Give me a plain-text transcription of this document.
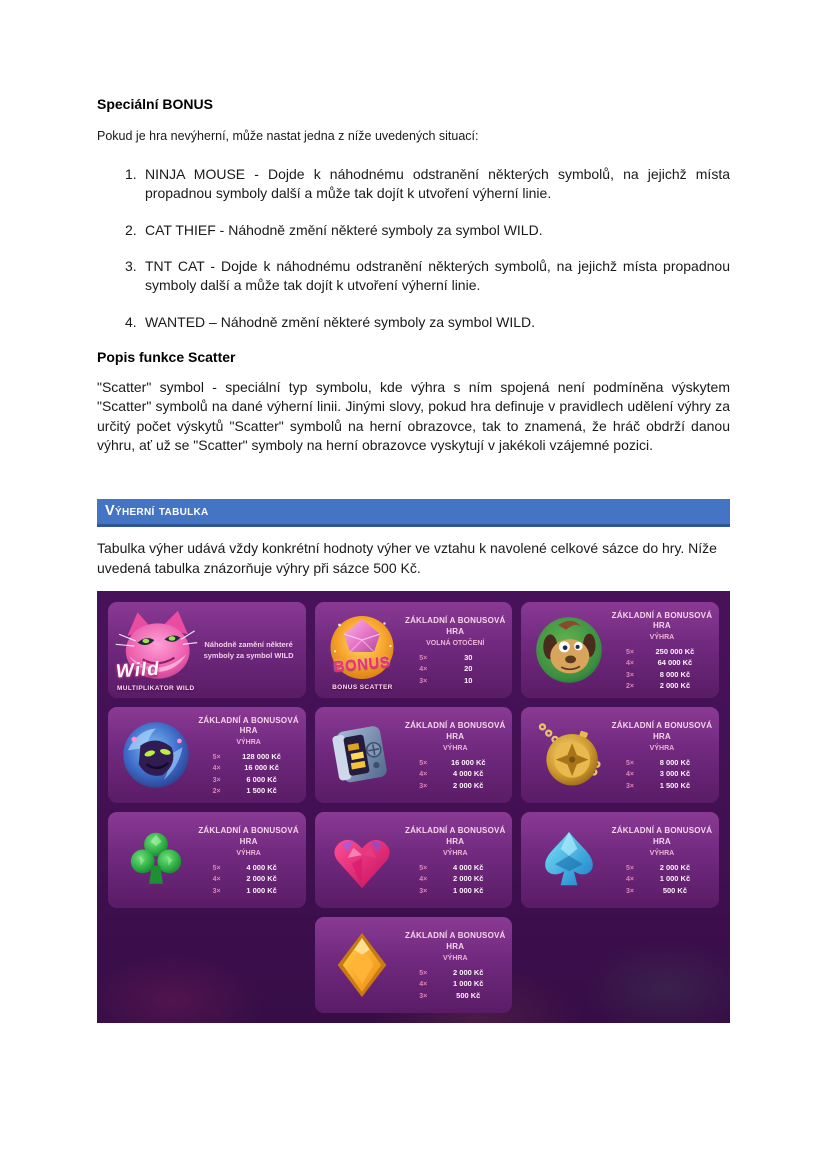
Speciální BONUS
Pokud je hra nevýherní, může nastat jedna z níže uvedených situací:
NINJA MOUSE - Dojde k náhodnému odstranění některých symbolů, na jejichž místa propadnou symboly další a může tak dojít k utvoření výherní linie.
CAT THIEF - Náhodně změní některé symboly za symbol WILD.
TNT CAT - Dojde k náhodnému odstranění některých symbolů, na jejichž místa propadnou symboly další a může tak dojít k utvoření výherní linie.
WANTED – Náhodně změní některé symboly za symbol WILD.
Popis funkce Scatter
"Scatter" symbol - speciální typ symbolu, kde výhra s ním spojená není podmíněna výskytem "Scatter" symbolů na dané výherní linii. Jinými slovy, pokud hra definuje v pravidlech udělení výhry za určitý počet výskytů "Scatter" symbolů na herní obrazovce, tak to znamená, že hráč obdrží danou výhru, ať už se "Scatter" symboly na herní obrazovce vyskytují v jakékoli vzájemné pozici.
Výherní tabulka
Tabulka výher udává vždy konkrétní hodnoty výher ve vztahu k navolené celkové sázce do hry. Níže uvedená tabulka znázorňuje výhry při sázce 500 Kč.
Wild
MULTIPLIKATOR WILD
Náhodně zamění některé symboly za symbol WILD	BONUS
BONUS SCATTER
ZÁKLADNÍ A BONUSOVÁ HRA
VOLNÁ OTOČENÍ
5×	30
4×	20
3×	10
ZÁKLADNÍ A BONUSOVÁ HRA
VÝHRA
5×	250 000 Kč
4×	64 000 Kč
3×	8 000 Kč
2×	2 000 Kč
ZÁKLADNÍ A BONUSOVÁ HRA
VÝHRA
5×	128 000 Kč
4×	16 000 Kč
3×	6 000 Kč
2×	1 500 Kč
ZÁKLADNÍ A BONUSOVÁ HRA
VÝHRA
5×	16 000 Kč
4×	4 000 Kč
3×	2 000 Kč
ZÁKLADNÍ A BONUSOVÁ HRA
VÝHRA
5×	8 000 Kč
4×	3 000 Kč
3×	1 500 Kč
ZÁKLADNÍ A BONUSOVÁ HRA
VÝHRA
5×	4 000 Kč
4×	2 000 Kč
3×	1 000 Kč
ZÁKLADNÍ A BONUSOVÁ HRA
VÝHRA
5×	4 000 Kč
4×	2 000 Kč
3×	1 000 Kč
ZÁKLADNÍ A BONUSOVÁ HRA
VÝHRA
5×	2 000 Kč
4×	1 000 Kč
3×	500 Kč
ZÁKLADNÍ A BONUSOVÁ HRA
VÝHRA
5×	2 000 Kč
4×	1 000 Kč
3×	500 Kč
